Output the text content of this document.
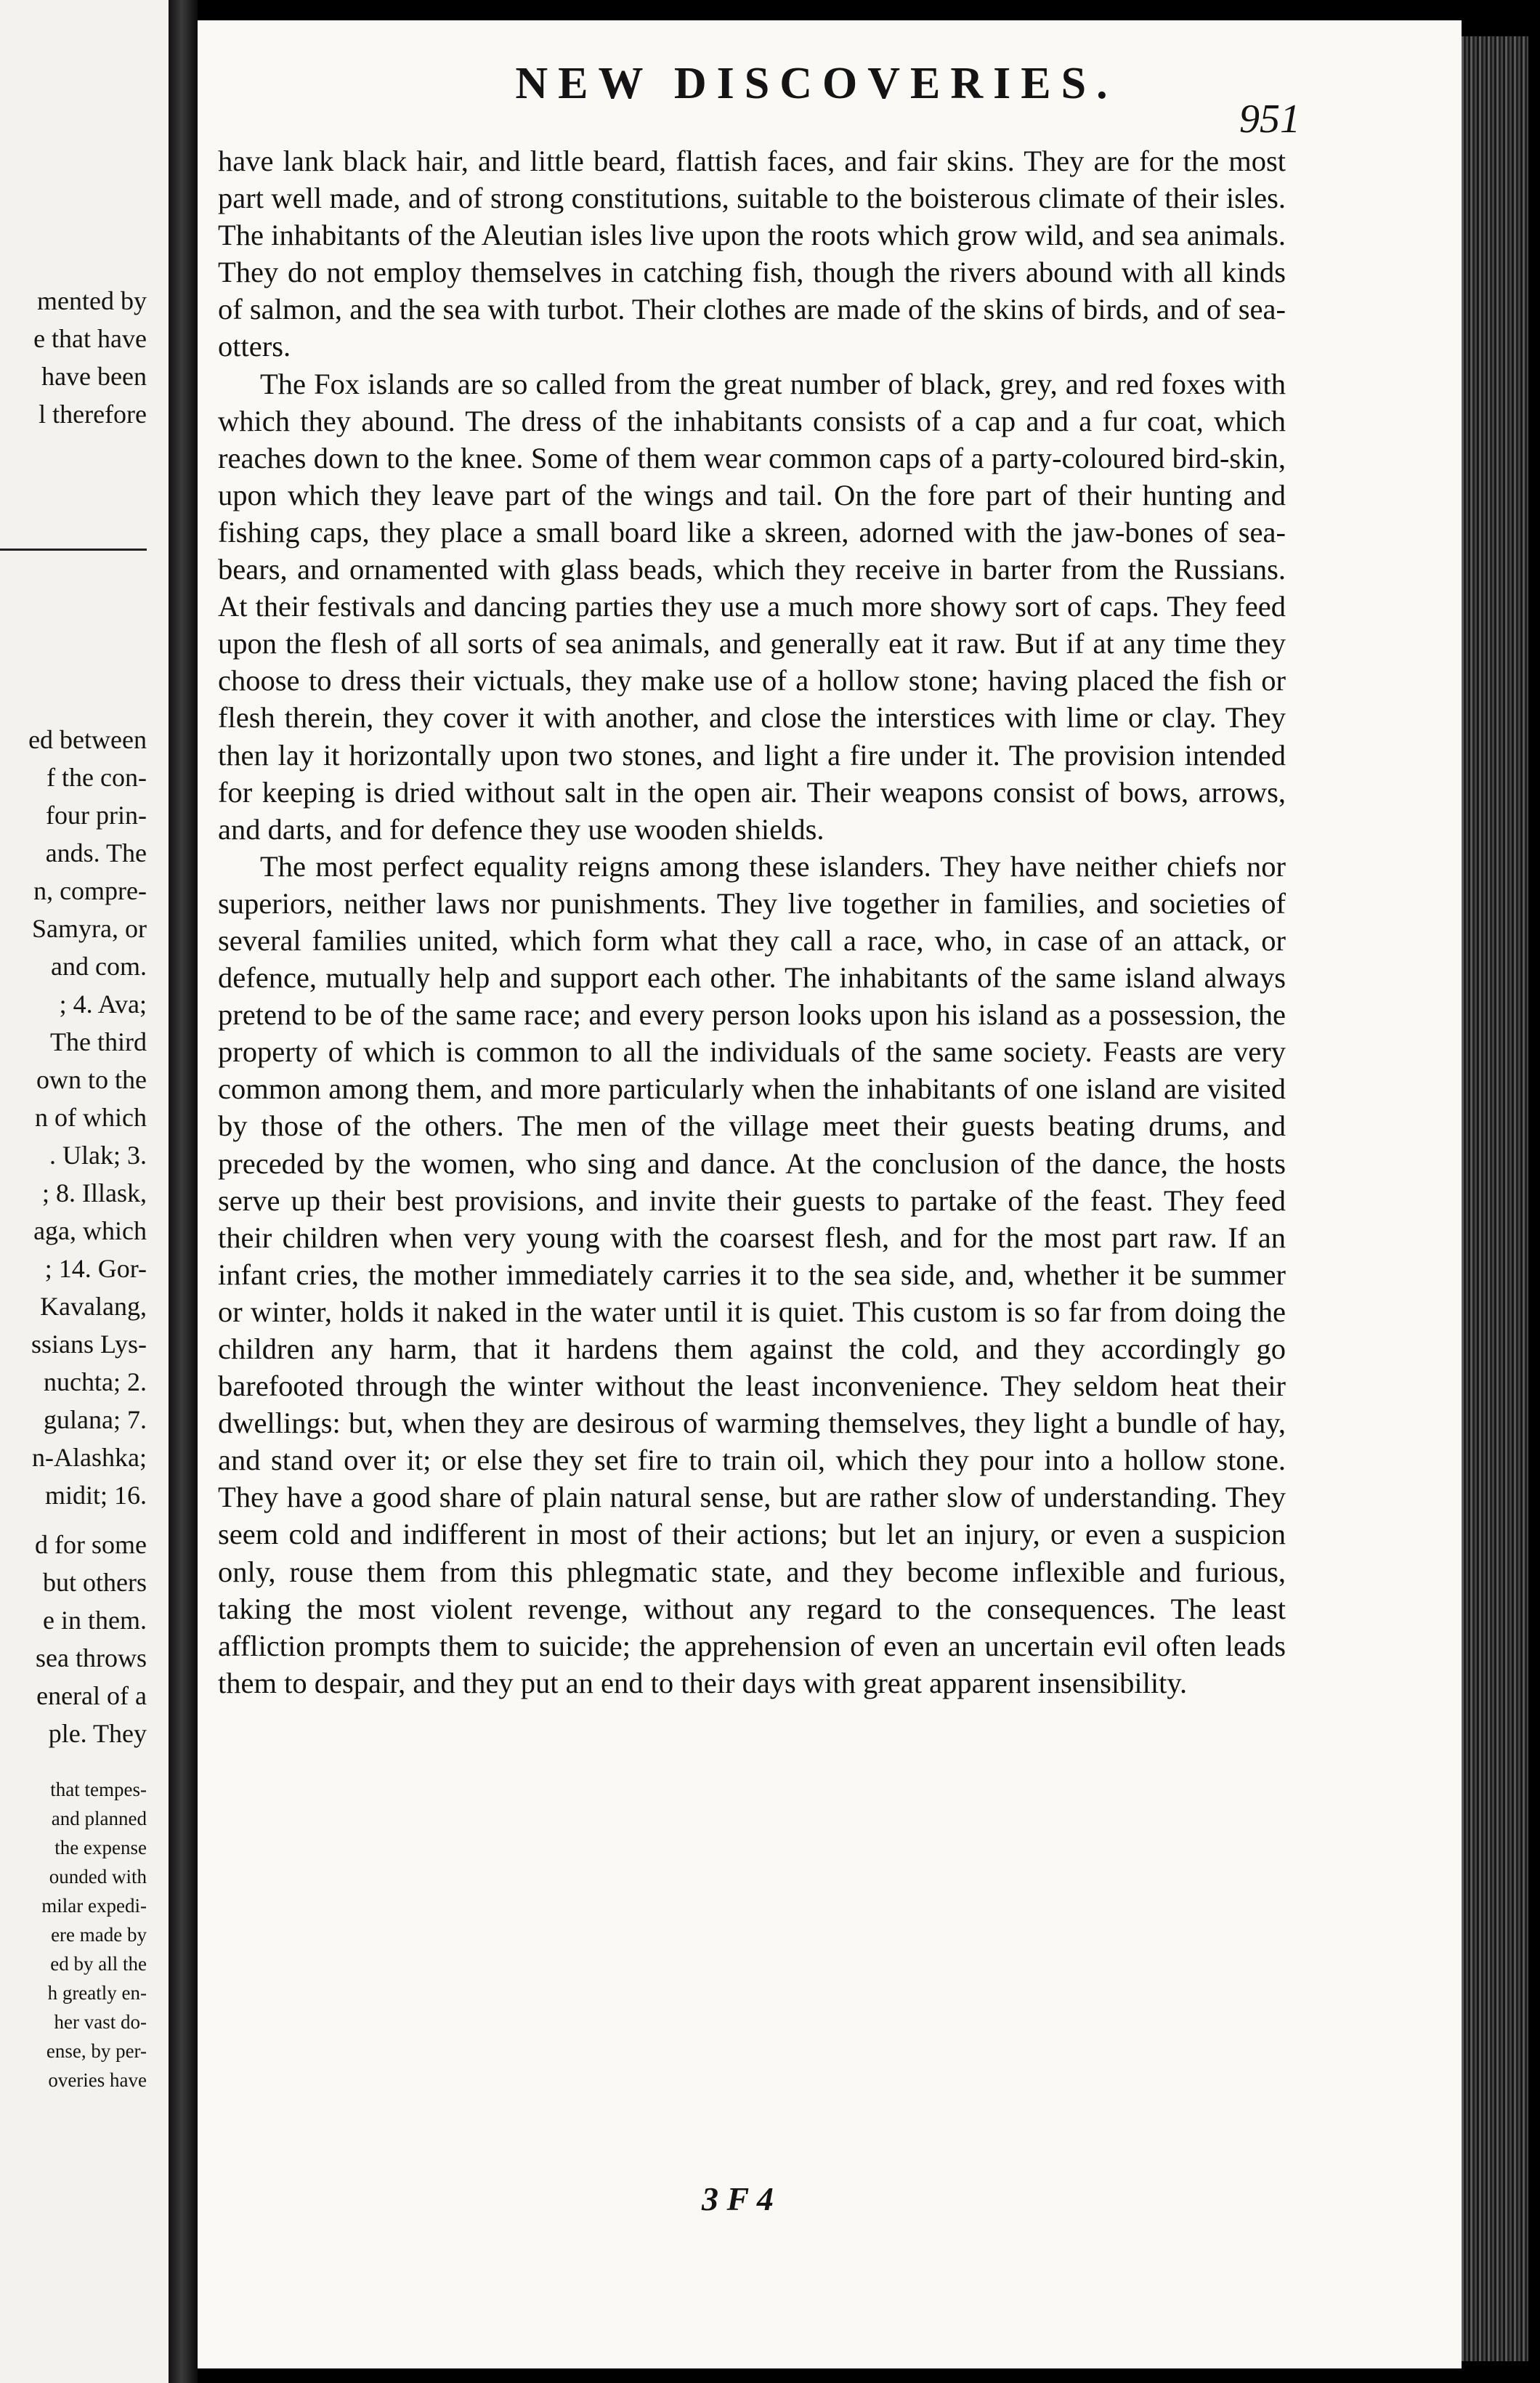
mented by
e that have
have been
l therefore
ed between
f the con-
four prin-
ands. The
n, compre-
Samyra, or
and com.
; 4. Ava;
The third
own to the
n of which
. Ulak; 3.
; 8. Illask,
aga, which
; 14. Gor-
Kavalang,
ssians Lys-
nuchta; 2.
gulana; 7.
n-Alashka;
midit; 16.
d for some
but others
e in them.
sea throws
eneral of a
ple. They
that tempes-
and planned
the expense
ounded with
milar expedi-
ere made by
ed by all the
h greatly en-
her vast do-
ense, by per-
overies have
NEW DISCOVERIES.
951

have lank black hair, and little beard, flattish faces, and fair skins. They are for the most part well made, and of strong constitutions, suitable to the boisterous climate of their isles. The inhabitants of the Aleutian isles live upon the roots which grow wild, and sea animals. They do not employ themselves in catching fish, though the rivers abound with all kinds of salmon, and the sea with turbot. Their clothes are made of the skins of birds, and of sea-otters.

The Fox islands are so called from the great number of black, grey, and red foxes with which they abound. The dress of the inhabitants consists of a cap and a fur coat, which reaches down to the knee. Some of them wear common caps of a party-coloured bird-skin, upon which they leave part of the wings and tail. On the fore part of their hunting and fishing caps, they place a small board like a skreen, adorned with the jaw-bones of sea-bears, and ornamented with glass beads, which they receive in barter from the Russians. At their festivals and dancing parties they use a much more showy sort of caps. They feed upon the flesh of all sorts of sea animals, and generally eat it raw. But if at any time they choose to dress their victuals, they make use of a hollow stone; having placed the fish or flesh therein, they cover it with another, and close the interstices with lime or clay. They then lay it horizontally upon two stones, and light a fire under it. The provision intended for keeping is dried without salt in the open air. Their weapons consist of bows, arrows, and darts, and for defence they use wooden shields.

The most perfect equality reigns among these islanders. They have neither chiefs nor superiors, neither laws nor punishments. They live together in families, and societies of several families united, which form what they call a race, who, in case of an attack, or defence, mutually help and support each other. The inhabitants of the same island always pretend to be of the same race; and every person looks upon his island as a possession, the property of which is common to all the individuals of the same society. Feasts are very common among them, and more particularly when the inhabitants of one island are visited by those of the others. The men of the village meet their guests beating drums, and preceded by the women, who sing and dance. At the conclusion of the dance, the hosts serve up their best provisions, and invite their guests to partake of the feast. They feed their children when very young with the coarsest flesh, and for the most part raw. If an infant cries, the mother immediately carries it to the sea side, and, whether it be summer or winter, holds it naked in the water until it is quiet. This custom is so far from doing the children any harm, that it hardens them against the cold, and they accordingly go barefooted through the winter without the least inconvenience. They seldom heat their dwellings: but, when they are desirous of warming themselves, they light a bundle of hay, and stand over it; or else they set fire to train oil, which they pour into a hollow stone. They have a good share of plain natural sense, but are rather slow of understanding. They seem cold and indifferent in most of their actions; but let an injury, or even a suspicion only, rouse them from this phlegmatic state, and they become inflexible and furious, taking the most violent revenge, without any regard to the consequences. The least affliction prompts them to suicide; the apprehension of even an uncertain evil often leads them to despair, and they put an end to their days with great apparent insensibility.

3 F 4
